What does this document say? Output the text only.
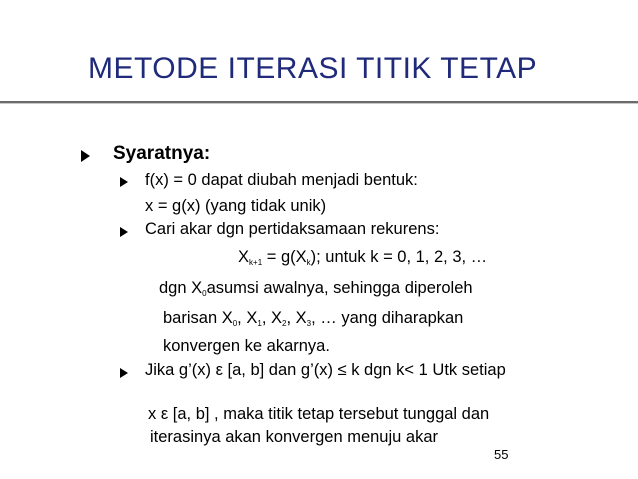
METODE ITERASI TITIK TETAP
Syaratnya:
f(x) = 0 dapat diubah menjadi bentuk:
x = g(x) (yang tidak unik)
Cari akar dgn pertidaksamaan rekurens:
$X_{k+1} = g(X_k)$; untuk k = 0, 1, 2, 3, …
dgn $X_0asumsi$ awalnya, sehingga diperoleh
barisan $X_0$, $X_1$, $X_2$, $X_3$, … yang diharapkan
konvergen ke akarnya.
Jika g’(x) ε [a, b] dan g’(x) ≤ k dgn k< 1 Utk setiap
x ε [a, b] , maka titik tetap tersebut tunggal dan
iterasinya akan konvergen menuju akar
55
